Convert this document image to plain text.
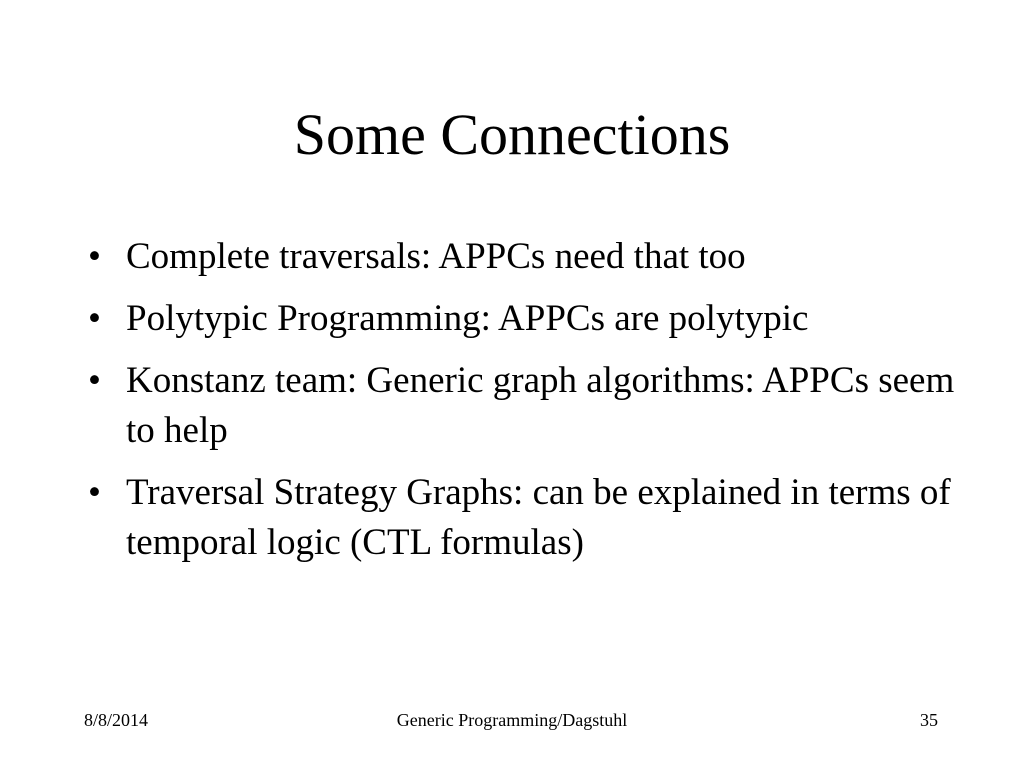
Some Connections
• Complete traversals: APPCs need that too
• Polytypic Programming: APPCs are polytypic
• Konstanz team: Generic graph algorithms: APPCs seem to help
• Traversal Strategy Graphs: can be explained in terms of temporal logic (CTL formulas)
8/8/2014	Generic Programming/Dagstuhl	35
